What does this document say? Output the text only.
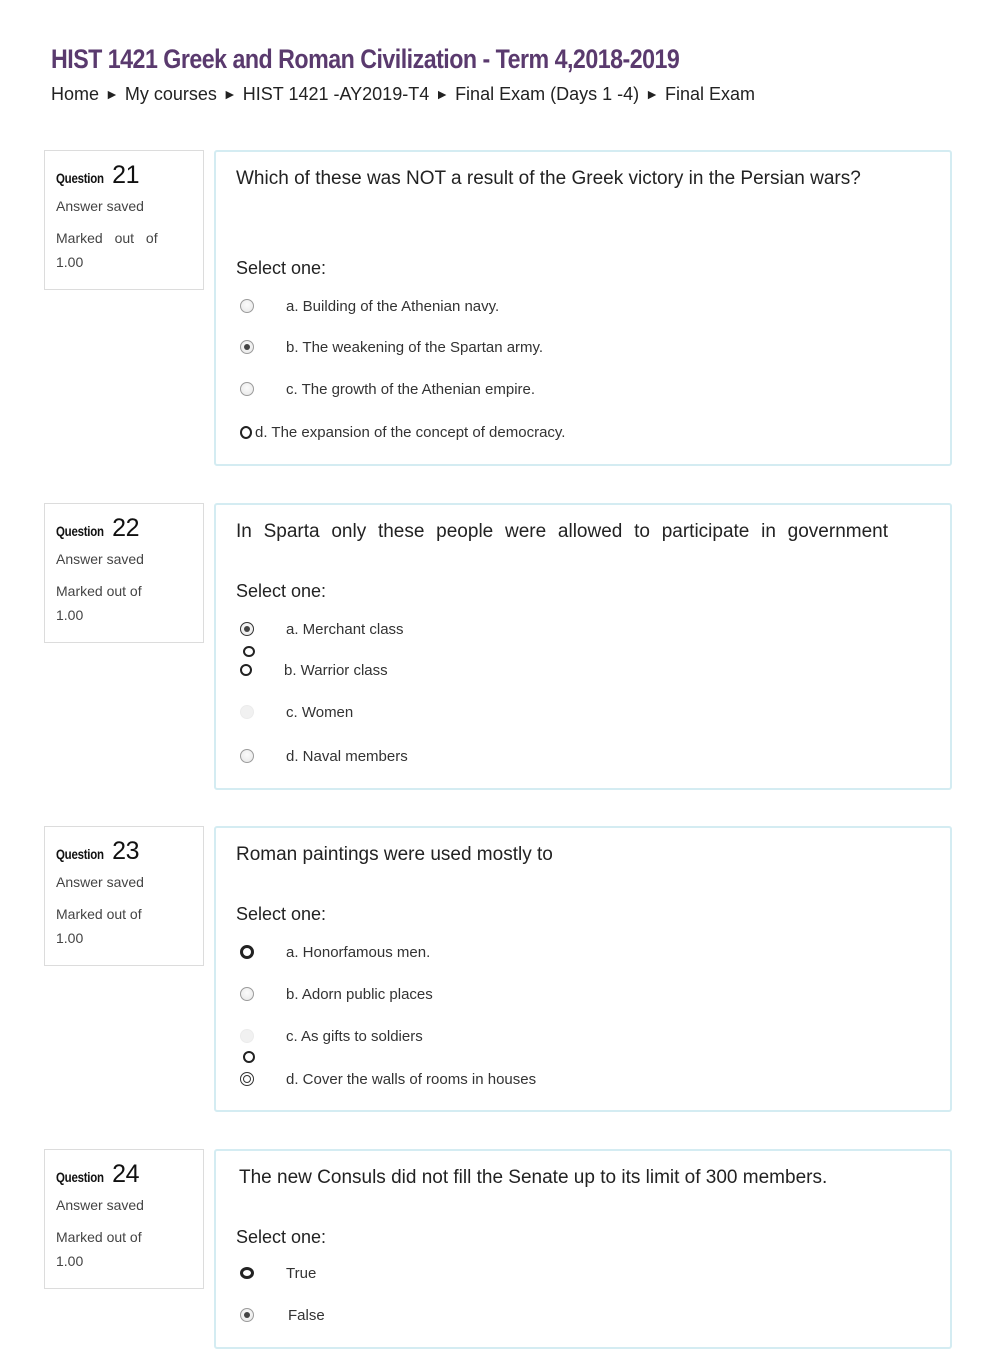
HIST 1421 Greek and Roman Civilization - Term 4,2018-2019
Home ► My courses ► HIST 1421 -AY2019-T4 ► Final Exam (Days 1 -4) ► Final Exam
Question 21
Answer saved
Marked out of
1.00
Which of these was NOT a result of the Greek victory in the Persian wars?
Select one:
a. Building of the Athenian navy.
b. The weakening of the Spartan army.
c. The growth of the Athenian empire.
d. The expansion of the concept of democracy.
Question 22
Answer saved
Marked out of
1.00
In Sparta only these people were allowed to participate in government
Select one:
a. Merchant class
b. Warrior class
c. Women
d. Naval members
Question 23
Answer saved
Marked out of
1.00
Roman paintings were used mostly to
Select one:
a. Honorfamous men.
b. Adorn public places
c. As gifts to soldiers
d. Cover the walls of rooms in houses
Question 24
Answer saved
Marked out of
1.00
The new Consuls did not fill the Senate up to its limit of 300 members.
Select one:
True
False
